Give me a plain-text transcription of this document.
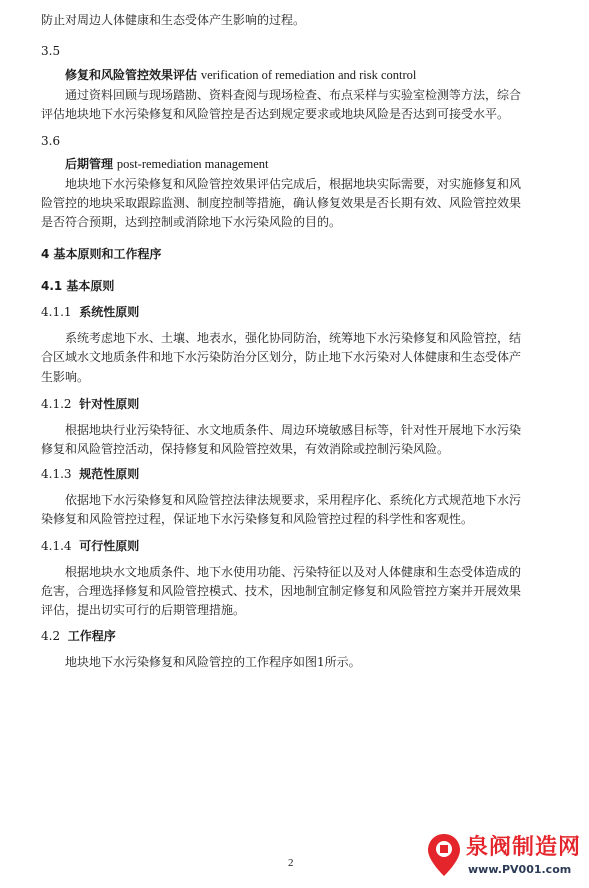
防止对周边人体健康和生态受体产生影响的过程。
3.5
修复和风险管控效果评估 verification of remediation and risk control
通过资料回顾与现场踏勘、资料查阅与现场检查、布点采样与实验室检测等方法，综合
评估地块地下水污染修复和风险管控是否达到规定要求或地块风险是否达到可接受水平。
3.6
后期管理 post-remediation management
地块地下水污染修复和风险管控效果评估完成后，根据地块实际需要，对实施修复和风
险管控的地块采取跟踪监测、制度控制等措施，确认修复效果是否长期有效、风险管控效果
是否符合预期，达到控制或消除地下水污染风险的目的。
4 基本原则和工作程序
4.1 基本原则
4.1.1 系统性原则
系统考虑地下水、土壤、地表水，强化协同防治，统筹地下水污染修复和风险管控，结
合区域水文地质条件和地下水污染防治分区划分，防止地下水污染对人体健康和生态受体产
生影响。
4.1.2 针对性原则
根据地块行业污染特征、水文地质条件、周边环境敏感目标等，针对性开展地下水污染
修复和风险管控活动，保持修复和风险管控效果，有效消除或控制污染风险。
4.1.3 规范性原则
依据地下水污染修复和风险管控法律法规要求，采用程序化、系统化方式规范地下水污
染修复和风险管控过程，保证地下水污染修复和风险管控过程的科学性和客观性。
4.1.4 可行性原则
根据地块水文地质条件、地下水使用功能、污染特征以及对人体健康和生态受体造成的
危害，合理选择修复和风险管控模式、技术，因地制宜制定修复和风险管控方案并开展效果
评估，提出切实可行的后期管理措施。
4.2 工作程序
地块地下水污染修复和风险管控的工作程序如图1所示。
2
泉阀制造网
www.PV001.com
